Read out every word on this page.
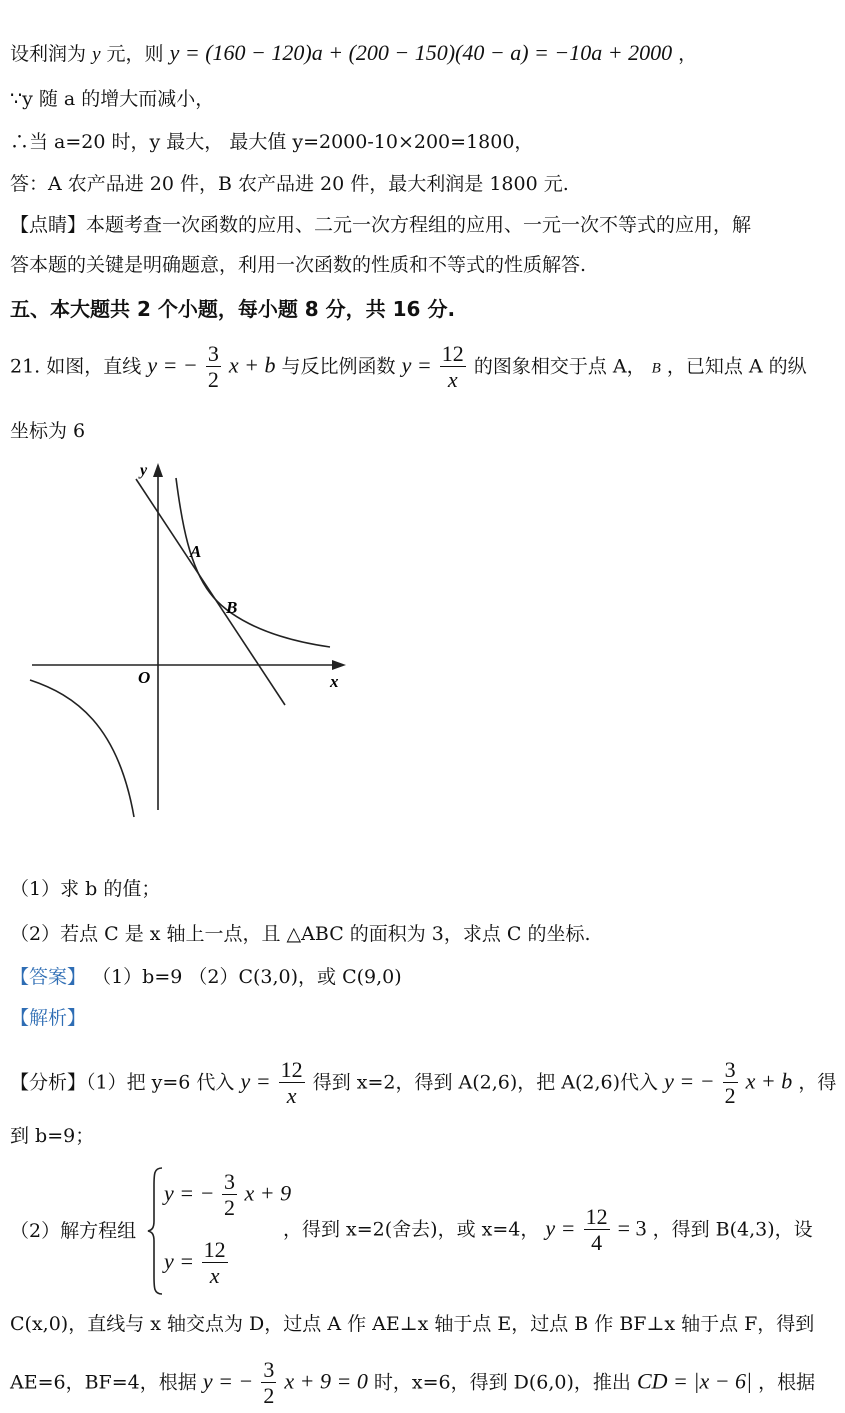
设利润为 y 元，则 y = (160 − 120)a + (200 − 150)(40 − a) = −10a + 2000 ，
∵y 随 a 的增大而减小，
∴当 a=20 时，y 最大， 最大值 y=2000-10×200=1800，
答：A 农产品进 20 件，B 农产品进 20 件，最大利润是 1800 元.
【点睛】本题考查一次函数的应用、二元一次方程组的应用、一元一次不等式的应用，解
答本题的关键是明确题意，利用一次函数的性质和不等式的性质解答.
五、本大题共 2 个小题，每小题 8 分，共 16 分.
21. 如图，直线 y = − $\frac{3}{2}$ x + b 与反比例函数 $y = \frac{12}{x}$ 的图象相交于点 A， B ，已知点 A 的纵
坐标为 6
y
x
O
A
B
（1）求 b 的值；
（2）若点 C 是 x 轴上一点，且 △ABC 的面积为 3，求点 C 的坐标.
【答案】 （1）b=9 （2）C(3,0)，或 C(9,0)
【解析】
【分析】（1）把 y=6 代入 $y = \frac{12}{x}$ 得到 x=2，得到 A(2,6)，把 A(2,6)代入 y = − $\frac{3}{2}$ x + b ，得
到 b=9；
（2）解方程组
y = − $\frac{3}{2}$ x + 9
$y = \frac{12}{x}$
，得到 x=2(舍去)，或 x=4， $y = \frac{12}{4} = 3$ ，得到 B(4,3)，设
C(x,0)，直线与 x 轴交点为 D，过点 A 作 AE⊥x 轴于点 E，过点 B 作 BF⊥x 轴于点 F，得到
AE=6，BF=4，根据 y = − $\frac{3}{2}$ x + 9 = 0 时，x=6，得到 D(6,0)，推出 CD = |x − 6| ，根据
